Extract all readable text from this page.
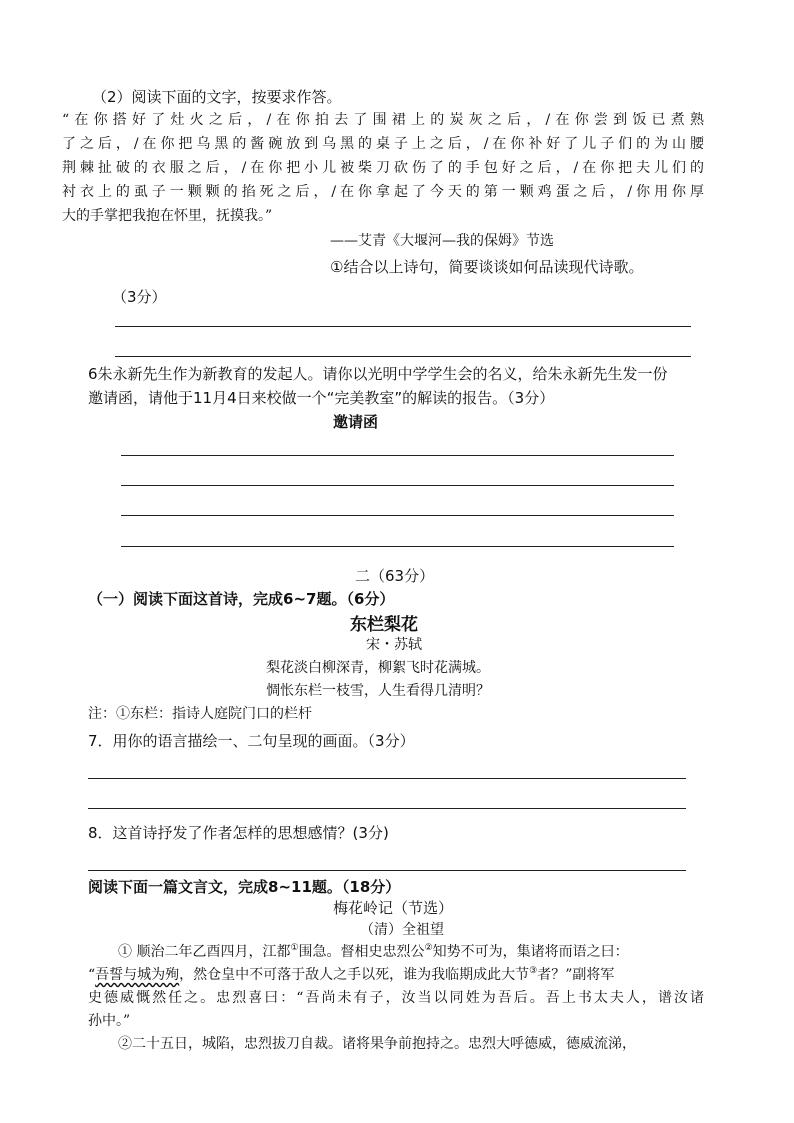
（2）阅读下面的文字，按要求作答。
“在你搭好了灶火之后，/在你拍去了围裙上的炭灰之后，/在你尝到饭已煮熟
了之后，/在你把乌黑的酱碗放到乌黑的桌子上之后，/在你补好了儿子们的为山腰
荆棘扯破的衣服之后，/在你把小儿被柴刀砍伤了的手包好之后，/在你把夫儿们的
衬衣上的虱子一颗颗的掐死之后，/在你拿起了今天的第一颗鸡蛋之后，/你用你厚
大的手掌把我抱在怀里，抚摸我。”
——艾青《大堰河—我的保姆》节选
①结合以上诗句，简要谈谈如何品读现代诗歌。
（3分）
6朱永新先生作为新教育的发起人。请你以光明中学学生会的名义，给朱永新先生发一份
邀请函，请他于11月4日来校做一个“完美教室”的解读的报告。（3分）
邀请函
二（63分）
（一）阅读下面这首诗，完成6~7题。（6分）
东栏梨花
宋・苏轼
梨花淡白柳深青，柳絮飞时花满城。
惆怅东栏一枝雪，人生看得几清明？
注：①东栏：指诗人庭院门口的栏杆
7．用你的语言描绘一、二句呈现的画面。（3分）
8．这首诗抒发了作者怎样的思想感情？(3分)
阅读下面一篇文言文，完成8~11题。（18分）
梅花岭记（节选）
（清）全祖望
① 顺治二年乙酉四月，江都①围急。督相史忠烈公②知势不可为，集诸将而语之曰：
“吾誓与城为殉，然仓皇中不可落于敌人之手以死，谁为我临期成此大节③者？”副将军
史德威慨然任之。忠烈喜曰：“吾尚未有子，汝当以同姓为吾后。吾上书太夫人，谱汝诸
孙中。”
②二十五日，城陷，忠烈拔刀自裁。诸将果争前抱持之。忠烈大呼德威，德威流涕，
